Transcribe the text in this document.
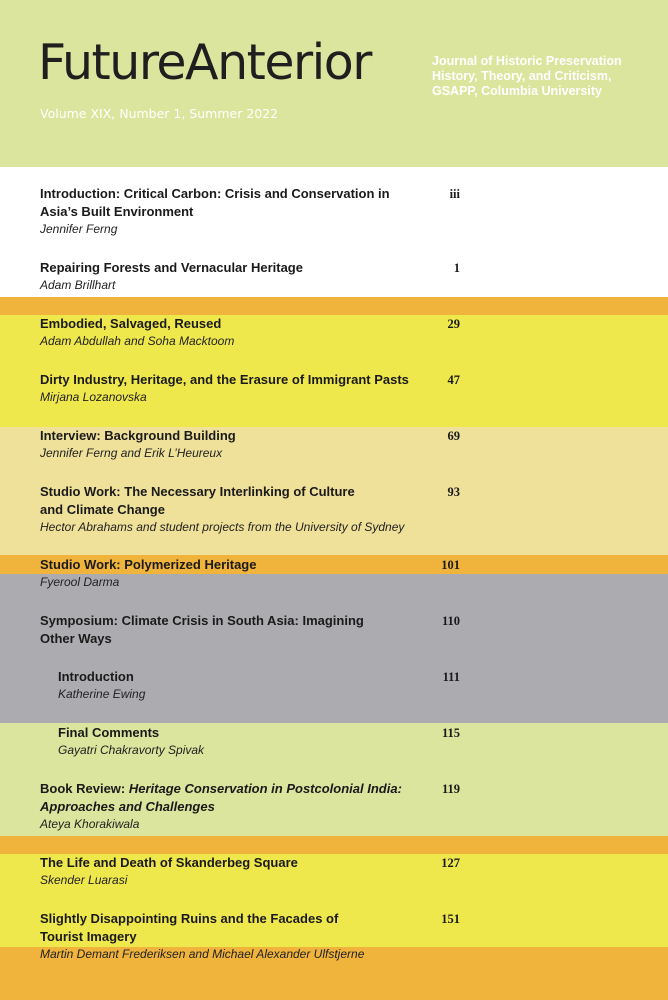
FutureAnterior
Volume XIX, Number 1, Summer 2022
Journal of Historic Preservation
History, Theory, and Criticism,
GSAPP, Columbia University
Introduction: Critical Carbon: Crisis and Conservation in Asia’s Built Environment
Jennifer Ferng
iii
Repairing Forests and Vernacular Heritage
Adam Brillhart
1
Embodied, Salvaged, Reused
Adam Abdullah and Soha Macktoom
29
Dirty Industry, Heritage, and the Erasure of Immigrant Pasts
Mirjana Lozanovska
47
Interview: Background Building
Jennifer Ferng and Erik L’Heureux
69
Studio Work: The Necessary Interlinking of Culture and Climate Change
Hector Abrahams and student projects from the University of Sydney
93
Studio Work: Polymerized Heritage
Fyerool Darma
101
Symposium: Climate Crisis in South Asia: Imagining Other Ways
110
Introduction
Katherine Ewing
111
Final Comments
Gayatri Chakravorty Spivak
115
Book Review: Heritage Conservation in Postcolonial India: Approaches and Challenges
Ateya Khorakiwala
119
The Life and Death of Skanderbeg Square
Skender Luarasi
127
Slightly Disappointing Ruins and the Facades of Tourist Imagery
Martin Demant Frederiksen and Michael Alexander Ulfstjerne
151
